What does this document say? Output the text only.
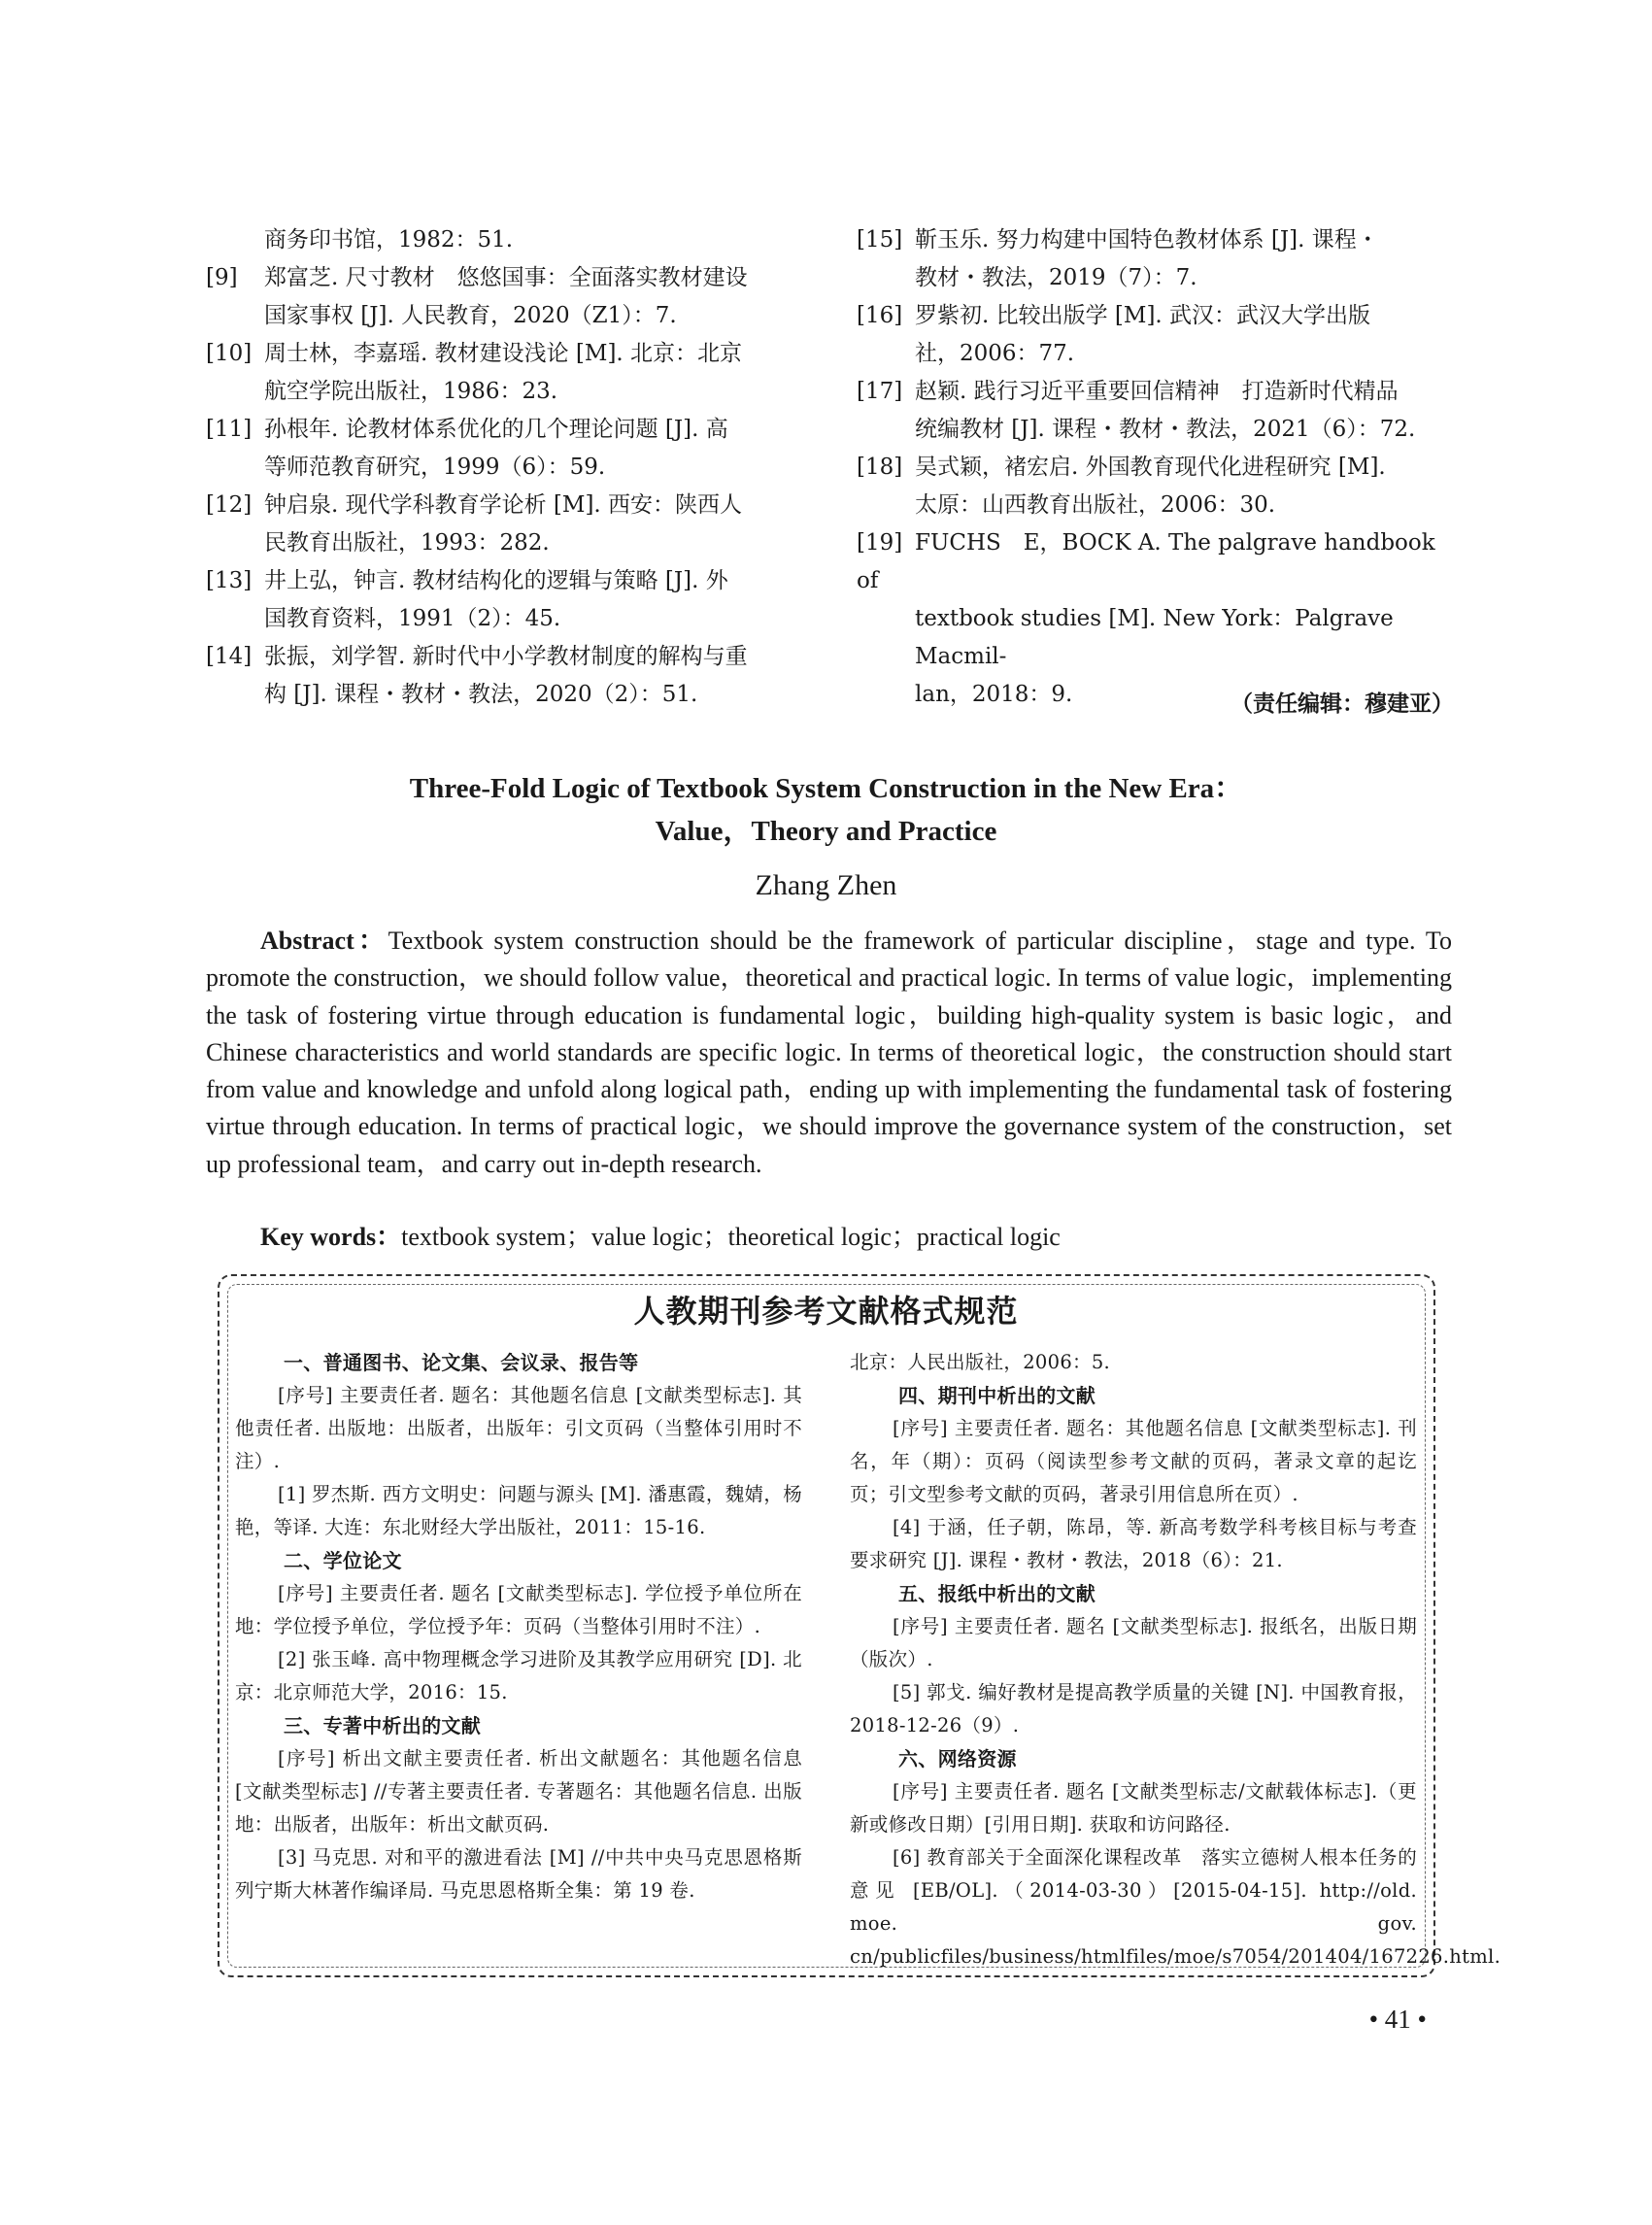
商务印书馆，1982：51.
[9] 郑富芝. 尺寸教材　悠悠国事：全面落实教材建设
国家事权 [J]. 人民教育，2020（Z1）：7.
[10] 周士林，李嘉瑶. 教材建设浅论 [M]. 北京：北京
航空学院出版社，1986：23.
[11] 孙根年. 论教材体系优化的几个理论问题 [J]. 高
等师范教育研究，1999（6）：59.
[12] 钟启泉. 现代学科教育学论析 [M]. 西安：陕西人
民教育出版社，1993：282.
[13] 井上弘，钟言. 教材结构化的逻辑与策略 [J]. 外
国教育资料，1991（2）：45.
[14] 张振，刘学智. 新时代中小学教材制度的解构与重
构 [J]. 课程・教材・教法，2020（2）：51.
[15] 靳玉乐. 努力构建中国特色教材体系 [J]. 课程・
教材・教法，2019（7）：7.
[16] 罗紫初. 比较出版学 [M]. 武汉：武汉大学出版
社，2006：77.
[17] 赵颖. 践行习近平重要回信精神　打造新时代精品
统编教材 [J]. 课程・教材・教法，2021（6）：72.
[18] 吴式颖，褚宏启. 外国教育现代化进程研究 [M].
太原：山西教育出版社，2006：30.
[19] FUCHS　E，BOCK A. The palgrave handbook of
textbook studies [M]. New York：Palgrave Macmil-
lan，2018：9.	（责任编辑：穆建亚）
Three-Fold Logic of Textbook System Construction in the New Era：
Value，Theory and Practice
Zhang Zhen

Abstract：Textbook system construction should be the framework of particular discipline，stage and type. To promote the construction，we should follow value，theoretical and practical logic. In terms of value logic，implementing the task of fostering virtue through education is fundamental logic，building high-quality system is basic logic，and Chinese characteristics and world standards are specific logic. In terms of theoretical logic，the construction should start from value and knowledge and unfold along logical path，ending up with implementing the fundamental task of fostering virtue through education. In terms of practical logic，we should improve the governance system of the construction，set up professional team，and carry out in-depth research.

Key words：textbook system；value logic；theoretical logic；practical logic
人教期刊参考文献格式规范
一、普通图书、论文集、会议录、报告等

[序号] 主要责任者. 题名：其他题名信息 [文献类型标志]. 其他责任者. 出版地：出版者，出版年：引文页码（当整体引用时不注）.

[1] 罗杰斯. 西方文明史：问题与源头 [M]. 潘惠霞，魏婧，杨艳，等译. 大连：东北财经大学出版社，2011：15-16.

二、学位论文

[序号] 主要责任者. 题名 [文献类型标志]. 学位授予单位所在地：学位授予单位，学位授予年：页码（当整体引用时不注）.

[2] 张玉峰. 高中物理概念学习进阶及其教学应用研究 [D]. 北京：北京师范大学，2016：15.

三、专著中析出的文献

[序号] 析出文献主要责任者. 析出文献题名：其他题名信息 [文献类型标志] //专著主要责任者. 专著题名：其他题名信息. 出版地：出版者，出版年：析出文献页码.

[3] 马克思. 对和平的激进看法 [M] //中共中央马克思恩格斯列宁斯大林著作编译局. 马克思恩格斯全集：第 19 卷.

北京：人民出版社，2006：5.

四、期刊中析出的文献

[序号] 主要责任者. 题名：其他题名信息 [文献类型标志]. 刊名，年（期）：页码（阅读型参考文献的页码，著录文章的起讫页；引文型参考文献的页码，著录引用信息所在页）.

[4] 于涵，任子朝，陈昂，等. 新高考数学科考核目标与考查要求研究 [J]. 课程・教材・教法，2018（6）：21.

五、报纸中析出的文献

[序号] 主要责任者. 题名 [文献类型标志]. 报纸名，出版日期（版次）.

[5] 郭戈. 编好教材是提高教学质量的关键 [N]. 中国教育报，2018-12-26（9）.

六、网络资源

[序号] 主要责任者. 题名 [文献类型标志/文献载体标志].（更新或修改日期）[引用日期]. 获取和访问路径.

[6] 教育部关于全面深化课程改革　落实立德树人根本任务的意见 [EB/OL].（2014-03-30）[2015-04-15]. http://old. moe. gov. cn/publicfiles/business/htmlfiles/moe/s7054/201404/167226.html.

• 41 •
